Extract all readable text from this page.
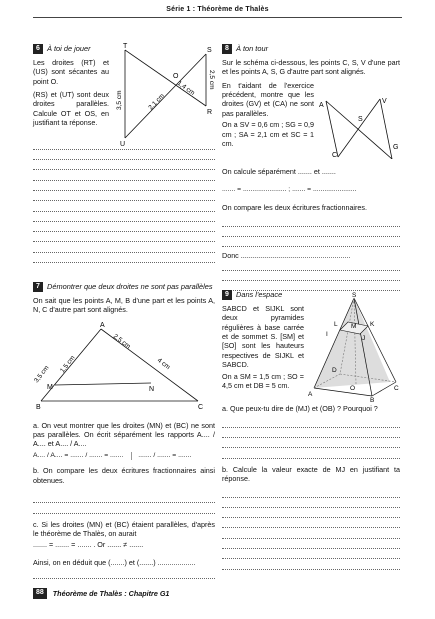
Série 1 : Théorème de Thalès
6 À toi de jouer
Les droites (RT) et (US) sont sécantes au point O.
(RS) et (UT) sont deux droites parallèles. Calcule OT et OS, en justifiant ta réponse.
T
S
O
U
R
3,5 cm	2,1 cm
1,4 cm 2,5 cm
7 Démontrer que deux droites ne sont pas parallèles
On sait que les points A, M, B d'une part et les points A, N, C d'autre part sont alignés.
A
M	N
B	C
3,5 cm
1,5 cm
2,5 cm
4 cm
a. On veut montrer que les droites (MN) et (BC) ne sont pas parallèles. On écrit séparément les rapports A.... / A.... et A.... / A....
A.... / A.... = ....... / ....... = .......	....... / ....... = .......
b. On compare les deux écritures fractionnaires ainsi obtenues.
c. Si les droites (MN) et (BC) étaient parallèles, d'après le théorème de Thalès, on aurait
....... = ....... = ....... . Or ....... ≠ .......
Ainsi, on en déduit que (.......) et (.......) ...................
8 À ton tour
Sur le schéma ci-dessous, les points C, S, V d'une part et les points A, S, G d'autre part sont alignés.
En t'aidant de l'exercice précédent, montre que les droites (GV) et (CA) ne sont pas parallèles.
On a SV = 0,6 cm ; SG = 0,9 cm ; SA = 2,1 cm et SC = 1 cm.
A
S
V
C
G
On calcule séparément ....... et .......
....... = ....................... ; ....... = .......................
On compare les deux écritures fractionnaires.
Donc .......................................................
9 Dans l'espace
SABCD et SIJKL sont deux pyramides régulières à base carrée et de sommet S. [SM] et [SO] sont les hauteurs respectives de SIJKL et SABCD.
On a SM = 1,5 cm ; SO = 4,5 cm et DB = 5 cm.
S
L M K
I
J
D
O	C
A
B
a. Que peux-tu dire de (MJ) et (OB) ? Pourquoi ?
b. Calcule la valeur exacte de MJ en justifiant ta réponse.
88	Théorème de Thalès : Chapitre G1
